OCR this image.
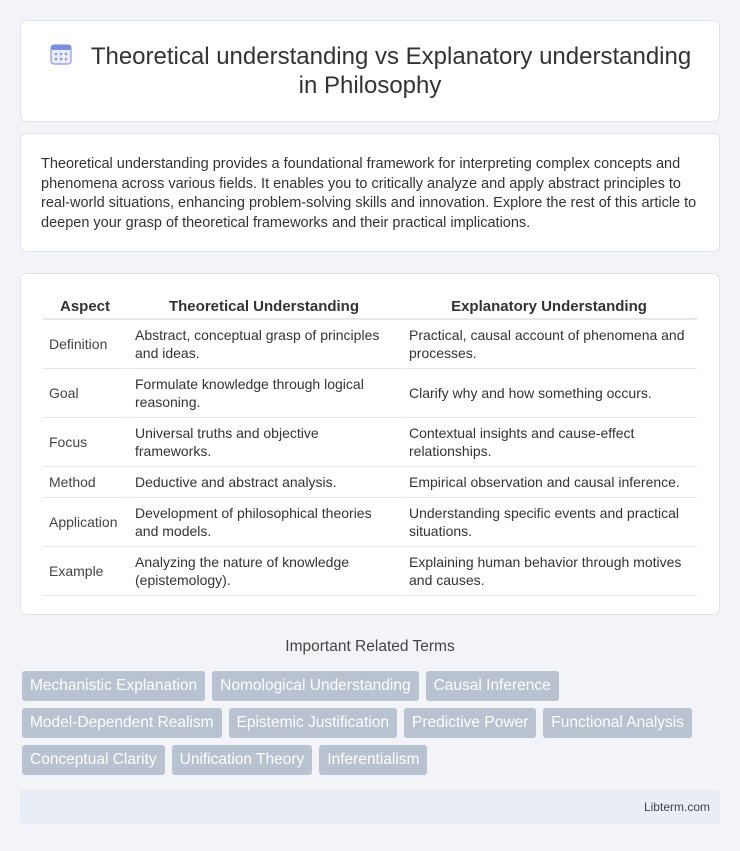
Theoretical understanding vs Explanatory understanding in Philosophy

Theoretical understanding provides a foundational framework for interpreting complex concepts and phenomena across various fields. It enables you to critically analyze and apply abstract principles to real-world situations, enhancing problem-solving skills and innovation. Explore the rest of this article to deepen your grasp of theoretical frameworks and their practical implications.

Aspect	Theoretical Understanding	Explanatory Understanding
Definition	Abstract, conceptual grasp of principles and ideas.	Practical, causal account of phenomena and processes.
Goal	Formulate knowledge through logical reasoning.	Clarify why and how something occurs.
Focus	Universal truths and objective frameworks.	Contextual insights and cause-effect relationships.
Method	Deductive and abstract analysis.	Empirical observation and causal inference.
Application	Development of philosophical theories and models.	Understanding specific events and practical situations.
Example	Analyzing the nature of knowledge (epistemology).	Explaining human behavior through motives and causes.
Important Related Terms
Mechanistic Explanation	Nomological Understanding	Causal Inference
Model-Dependent Realism	Epistemic Justification	Predictive Power	Functional Analysis
Conceptual Clarity	Unification Theory	Inferentialism
Libterm.com
